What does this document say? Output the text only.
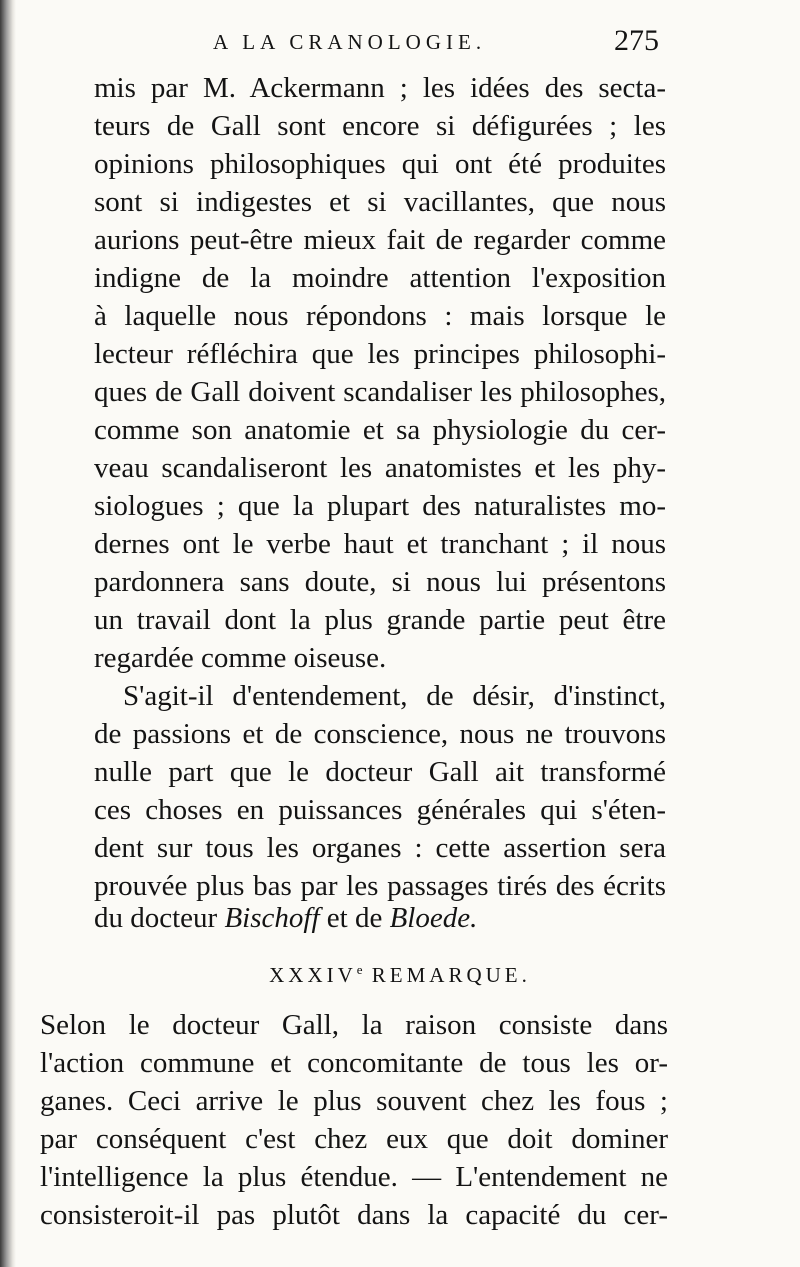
A LA CRANOLOGIE.	275
mis par M. Ackermann ; les idées des secta-
teurs de Gall sont encore si défigurées ; les
opinions philosophiques qui ont été produites
sont si indigestes et si vacillantes, que nous
aurions peut-être mieux fait de regarder comme
indigne de la moindre attention l'exposition
à laquelle nous répondons : mais lorsque le
lecteur réfléchira que les principes philosophi-
ques de Gall doivent scandaliser les philosophes,
comme son anatomie et sa physiologie du cer-
veau scandaliseront les anatomistes et les phy-
siologues ; que la plupart des naturalistes mo-
dernes ont le verbe haut et tranchant ; il nous
pardonnera sans doute, si nous lui présentons
un travail dont la plus grande partie peut être
regardée comme oiseuse.
S'agit-il d'entendement, de désir, d'instinct,
de passions et de conscience, nous ne trouvons
nulle part que le docteur Gall ait transformé
ces choses en puissances générales qui s'éten-
dent sur tous les organes : cette assertion sera
prouvée plus bas par les passages tirés des écrits
du docteur Bischoff et de Bloede.
XXXIVe REMARQUE.
Selon le docteur Gall, la raison consiste dans
l'action commune et concomitante de tous les or-
ganes. Ceci arrive le plus souvent chez les fous ;
par conséquent c'est chez eux que doit dominer
l'intelligence la plus étendue. — L'entendement ne
consisteroit-il pas plutôt dans la capacité du cer-
